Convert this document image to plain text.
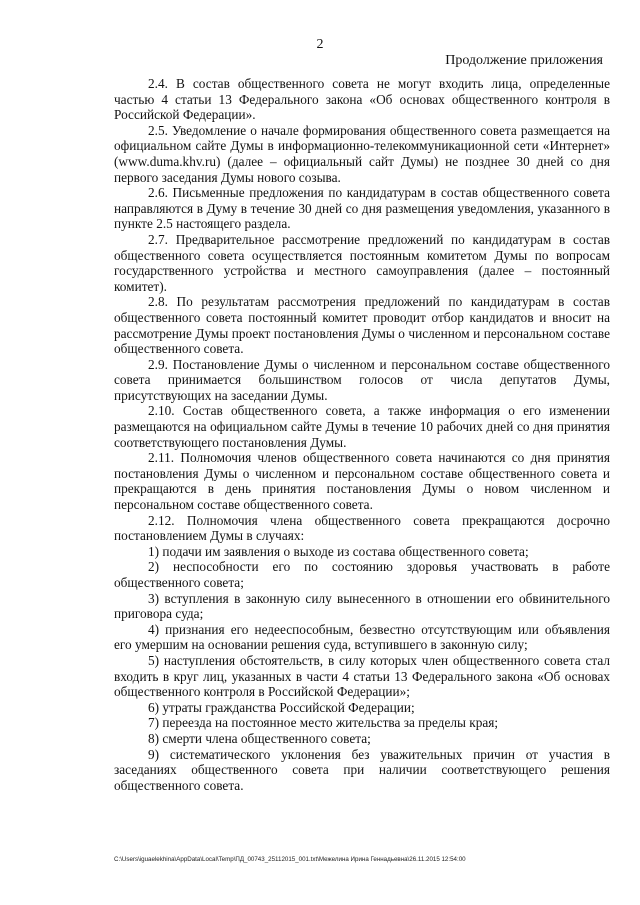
2
Продолжение приложения

2.4. В состав общественного совета не могут входить лица, определенные частью 4 статьи 13 Федерального закона «Об основах общественного контроля в Российской Федерации».

2.5. Уведомление о начале формирования общественного совета размещается на официальном сайте Думы в информационно-телекоммуникационной сети «Интернет» (www.duma.khv.ru) (далее – официальный сайт Думы) не позднее 30 дней со дня первого заседания Думы нового созыва.

2.6. Письменные предложения по кандидатурам в состав общественного совета направляются в Думу в течение 30 дней со дня размещения уведомления, указанного в пункте 2.5 настоящего раздела.

2.7. Предварительное рассмотрение предложений по кандидатурам в состав общественного совета осуществляется постоянным комитетом Думы по вопросам государственного устройства и местного самоуправления (далее – постоянный комитет).

2.8. По результатам рассмотрения предложений по кандидатурам в состав общественного совета постоянный комитет проводит отбор кандидатов и вносит на рассмотрение Думы проект постановления Думы о численном и персональном составе общественного совета.

2.9. Постановление Думы о численном и персональном составе общественного совета принимается большинством голосов от числа депутатов Думы, присутствующих на заседании Думы.

2.10. Состав общественного совета, а также информация о его изменении размещаются на официальном сайте Думы в течение 10 рабочих дней со дня принятия соответствующего постановления Думы.

2.11. Полномочия членов общественного совета начинаются со дня принятия постановления Думы о численном и персональном составе общественного совета и прекращаются в день принятия постановления Думы о новом численном и персональном составе общественного совета.

2.12. Полномочия члена общественного совета прекращаются досрочно постановлением Думы в случаях:

1) подачи им заявления о выходе из состава общественного совета;

2) неспособности его по состоянию здоровья участвовать в работе общественного совета;

3) вступления в законную силу вынесенного в отношении его обвинительного приговора суда;

4) признания его недееспособным, безвестно отсутствующим или объявления его умершим на основании решения суда, вступившего в законную силу;

5) наступления обстоятельств, в силу которых член общественного совета стал входить в круг лиц, указанных в части 4 статьи 13 Федерального закона «Об основах общественного контроля в Российской Федерации»;

6) утраты гражданства Российской Федерации;

7) переезда на постоянное место жительства за пределы края;

8) смерти члена общественного совета;

9) систематического уклонения без уважительных причин от участия в заседаниях общественного совета при наличии соответствующего решения общественного совета.

C:\Users\iguaelekhina\AppData\Local\Temp\ПД_00743_25112015_001.txt\Межелина Ирина Геннадьевна\26.11.2015 12:54:00
